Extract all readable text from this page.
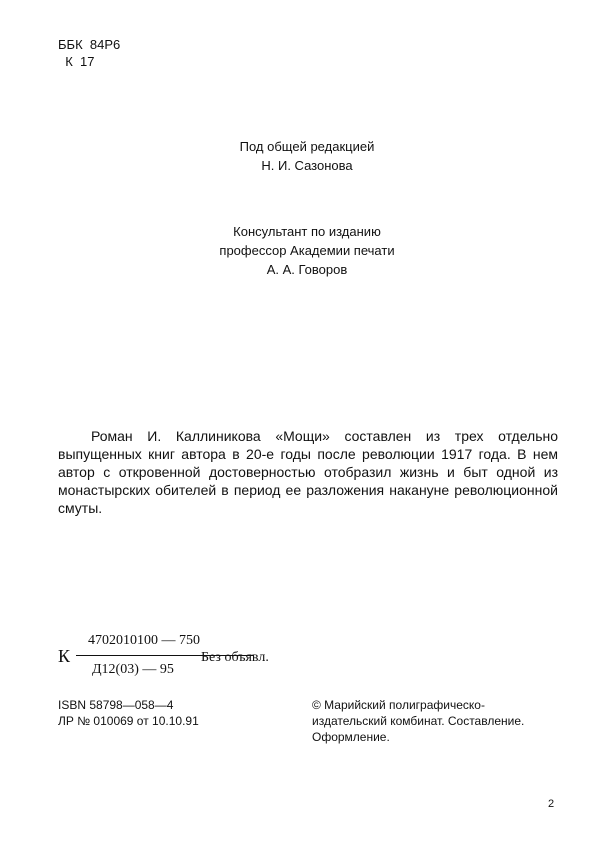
ББК  84Р6
К  17
Под общей редакцией
Н. И. Сазонова
Консультант по изданию
профессор Академии печати
А. А. Говоров
Роман И. Каллиникова «Мощи» составлен из трех отдельно выпущенных книг автора в 20-е годы после революции 1917 года. В нем автор с откровенной достоверностью отобразил жизнь и быт одной из монастырских обителей в период ее разложения накануне революционной смуты.
К
4702010100 — 750
Д12(03) — 95
Без объявл.
ISBN 58798—058—4
ЛР № 010069 от 10.10.91
© Марийский полиграфическо-издательский комбинат. Составление. Оформление.
2
